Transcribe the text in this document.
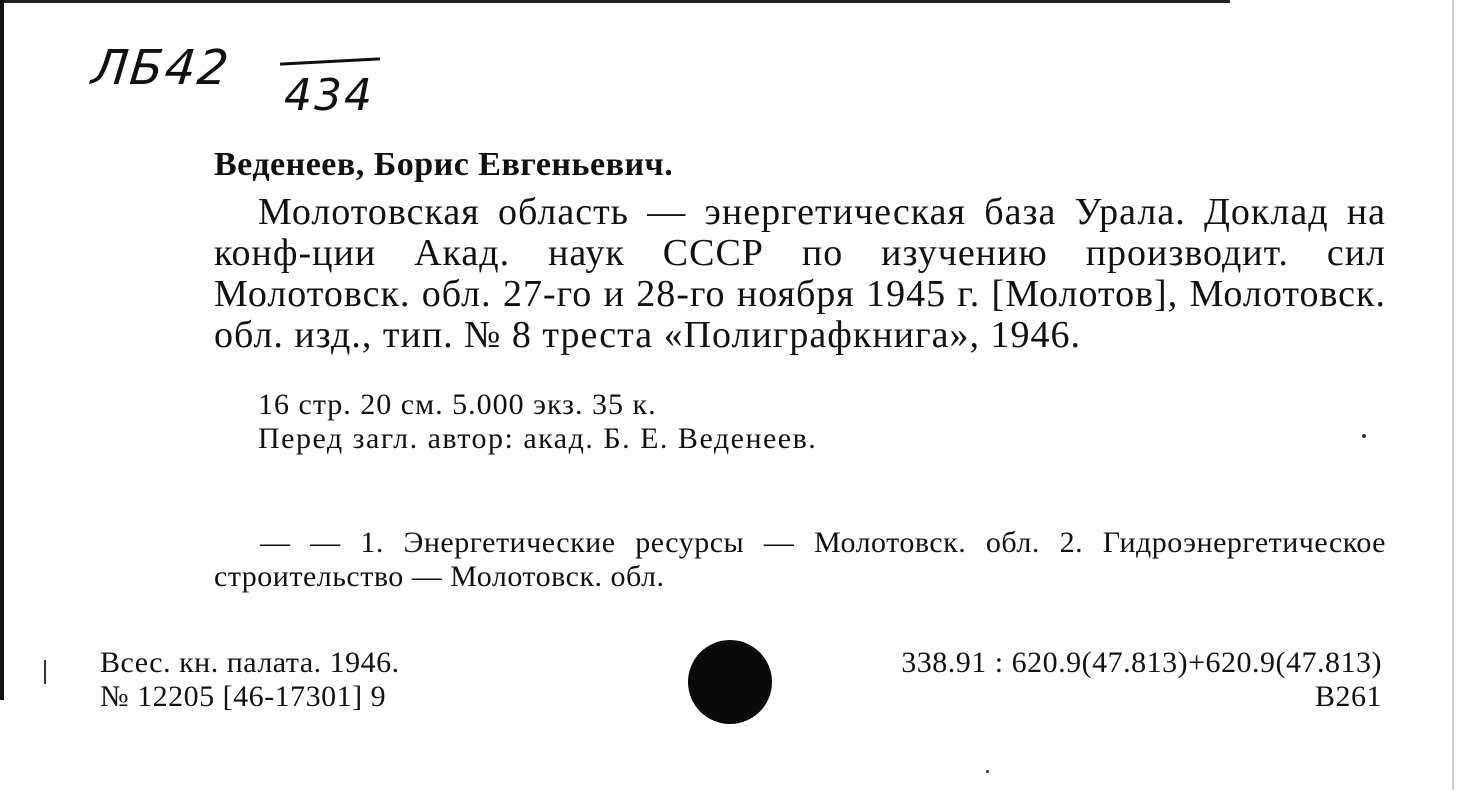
ЛБ42 434
Веденеев, Борис Евгеньевич.

Молотовская область — энергетическая база Урала. Доклад на конф-ции Акад. наук СССР по изучению производит. сил Молотовск. обл. 27-го и 28-го ноября 1945 г. [Молотов], Молотовск. обл. изд., тип. № 8 треста «Полиграфкнига», 1946.

16 стр. 20 см. 5.000 экз. 35 к.
Перед загл. автор: акад. Б. Е. Веденеев.

— — 1. Энергетические ресурсы — Молотовск. обл. 2. Гидроэнергетическое строительство — Молотовск. обл.

Всес. кн. палата. 1946.
№ 12205 [46-17301] 9
338.91 : 620.9(47.813)+620.9(47.813)
В261
